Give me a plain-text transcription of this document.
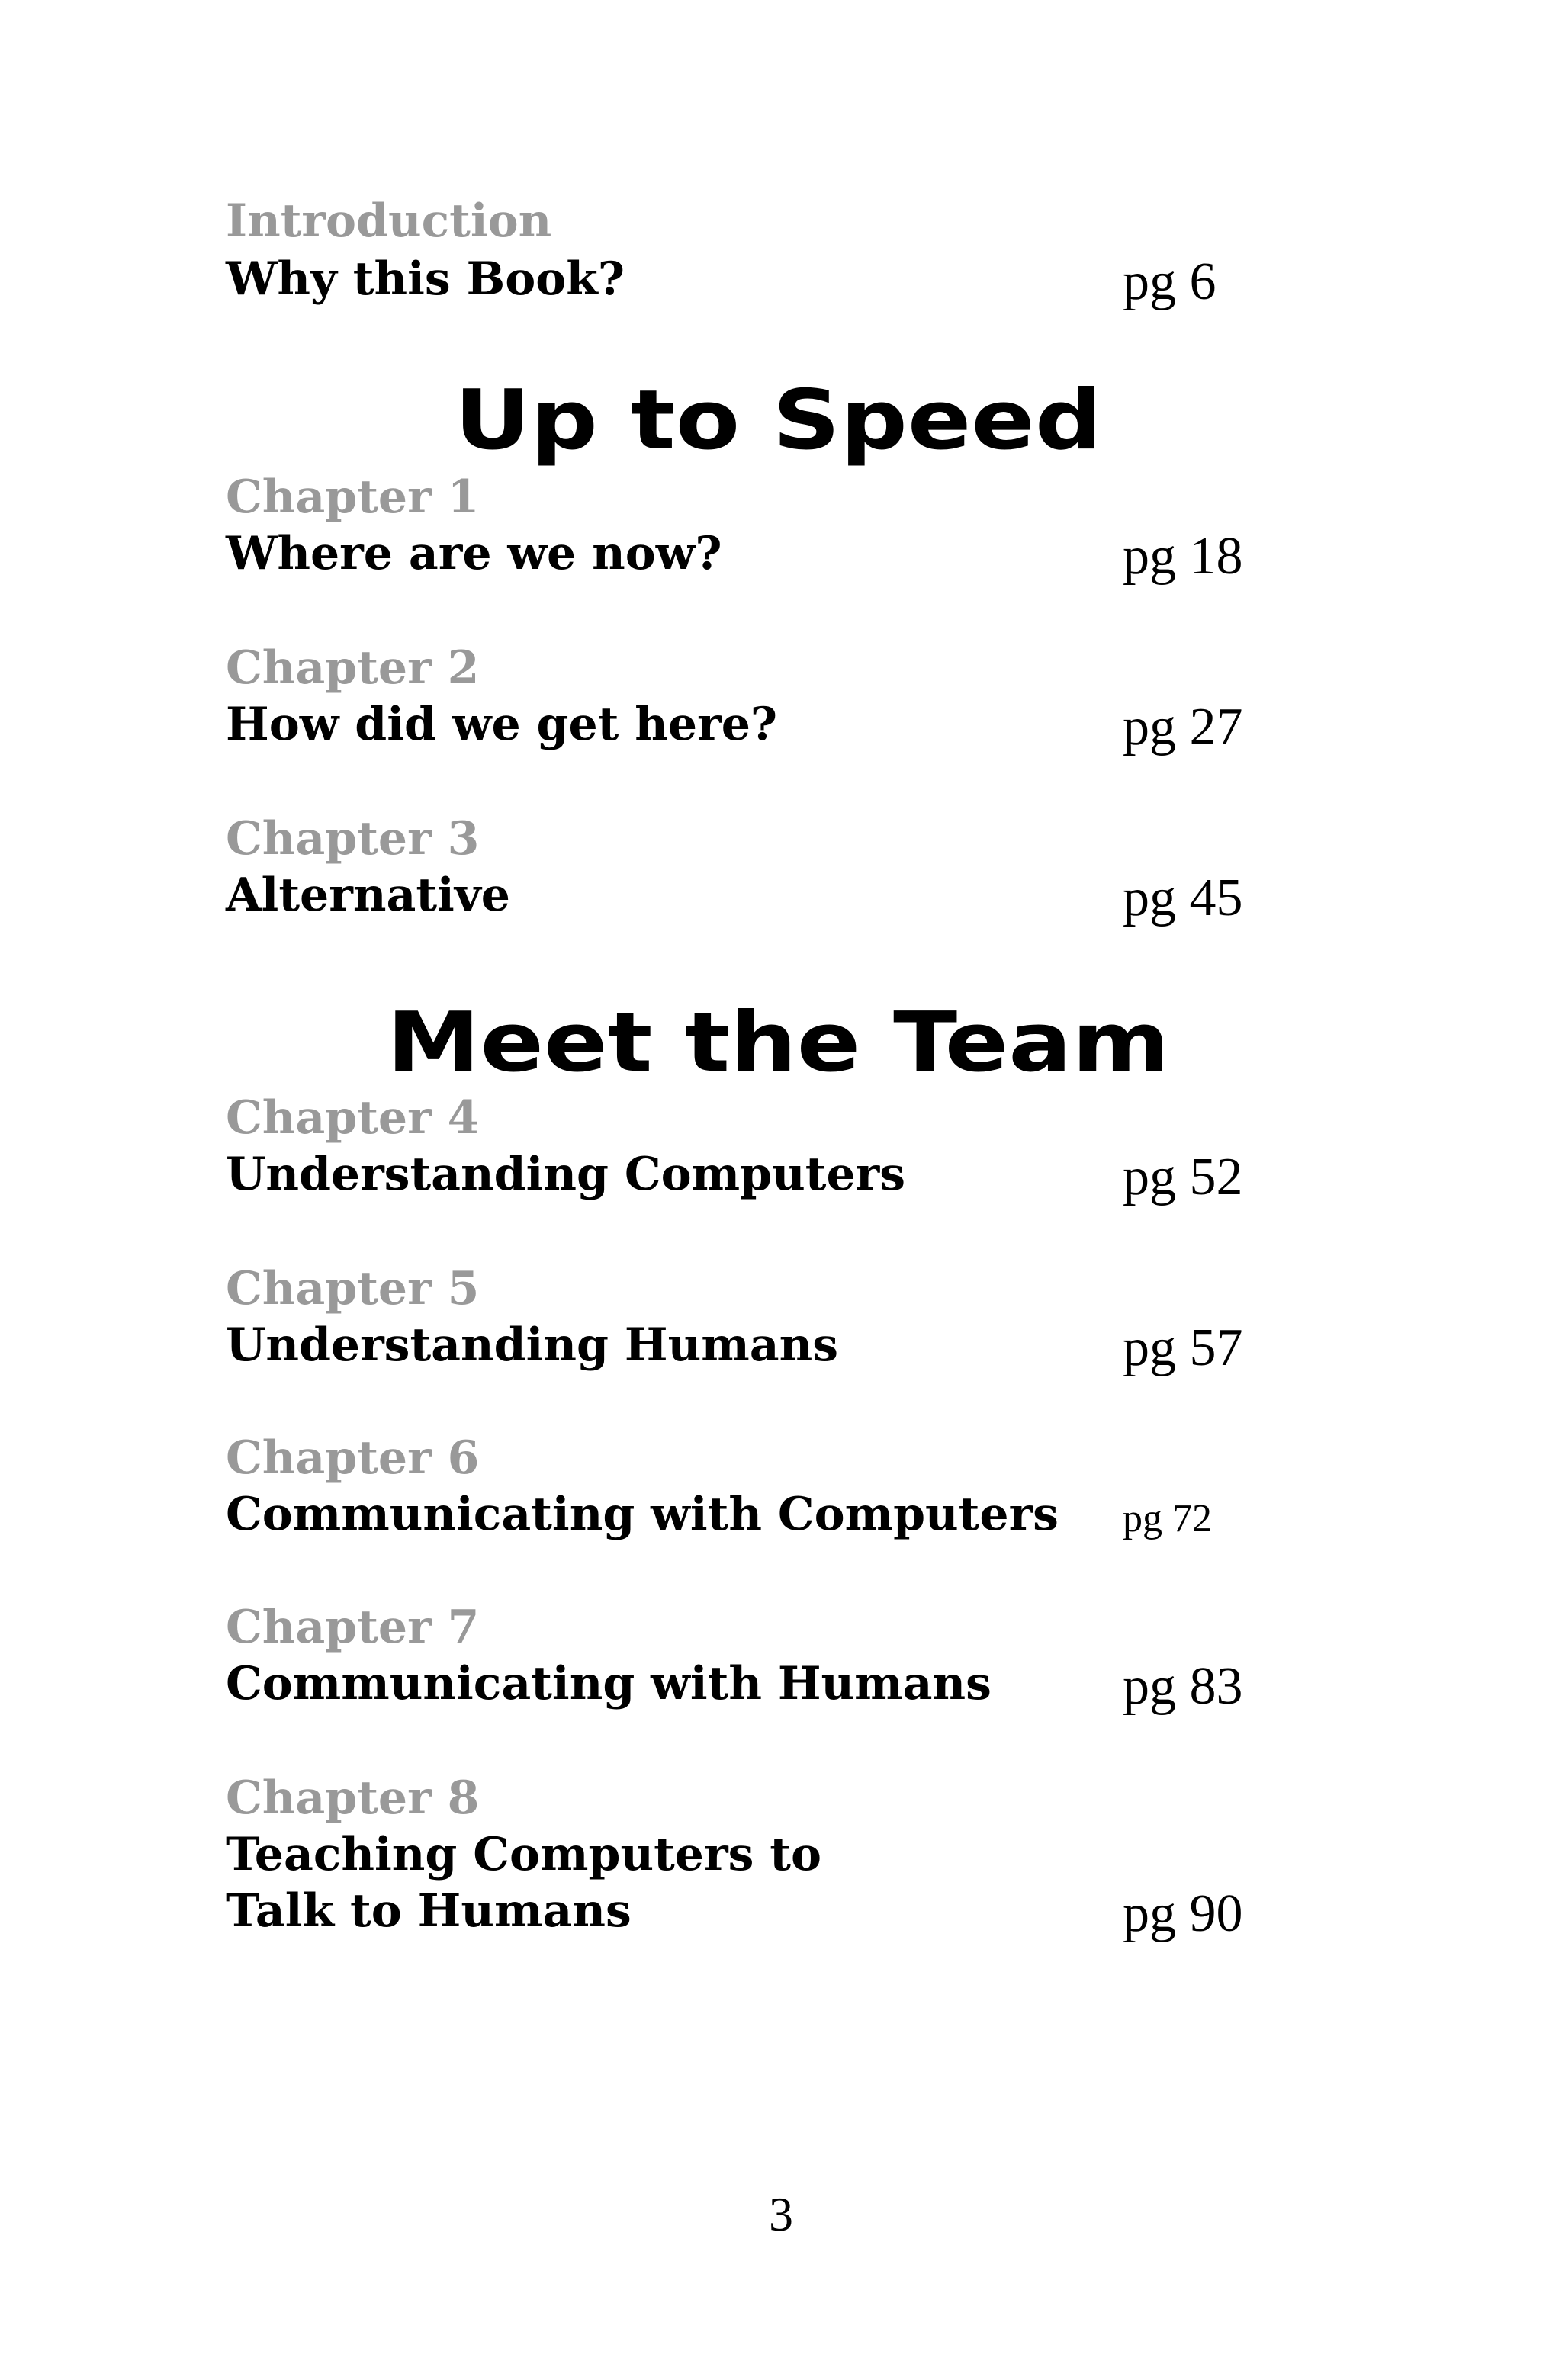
Introduction
Why this Book?	pg 6
Up to Speed
Chapter 1
Where are we now?	pg 18
Chapter 2
How did we get here?	pg 27
Chapter 3
Alternative	pg 45
Meet the Team
Chapter 4
Understanding Computers	pg 52
Chapter 5
Understanding Humans	pg 57
Chapter 6
Communicating with Computers pg 72
Chapter 7
Communicating with Humans pg 83
Chapter 8
Teaching Computers to
Talk to Humans	pg 90
3
